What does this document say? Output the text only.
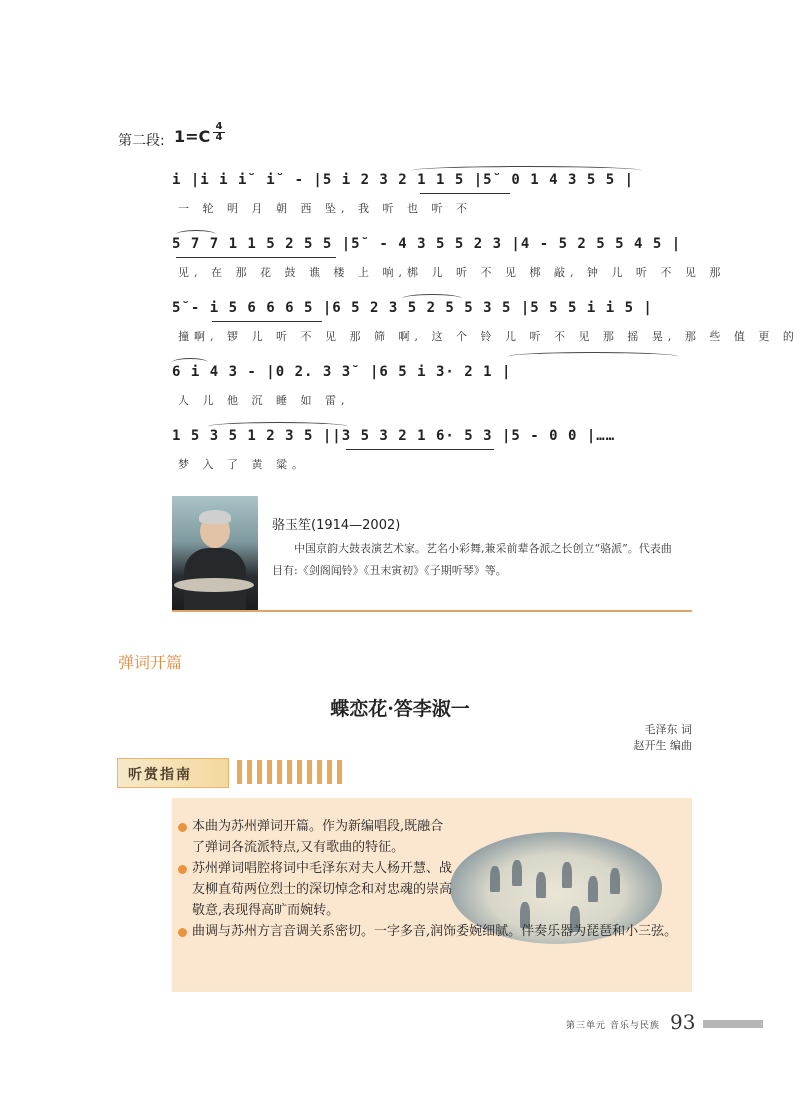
第二段: 1=C
4
4
i |i i i˘ i˘ - |5 i 2 3 2 1 1 5 |5˘ 0 1 4 3 5 5 |
一 轮 明 月 朝 西 坠, 我 听 也 听 不
5 7 7 1 1 5 2 5 5 |5˘ - 4 3 5 5 2 3 |4 - 5 2 5 5 4 5 |
见, 在 那 花 鼓 谯 楼 上 响,梆 儿 听 不 见 梆 敲, 钟 儿 听 不 见 那
5˘- i 5 6 6 6 5 |6 5 2 3 5 2 5 5 3 5 |5 5 5 i i 5 |
撞啊, 锣 儿 听 不 见 那 筛 啊, 这 个 铃 儿 听 不 见 那 摇 晃, 那 些 值 更 的
6 i 4 3 - |0 2. 3 3˘ |6 5 i 3· 2 1 |
人 儿 他 沉 睡 如 雷,
1 5 3 5 1 2 3 5 ||3 5 3 2 1 6· 5 3 |5 - 0 0 |……
梦 入 了 黄 粱。
骆玉笙(1914—2002)
中国京韵大鼓表演艺术家。艺名小彩舞,兼采前辈各派之长创立“骆派”。代表曲目有:《剑阁闻铃》《丑末寅初》《子期听琴》等。
弹词开篇
蝶恋花·答李淑一
毛泽东 词
赵开生 编曲
听赏指南
本曲为苏州弹词开篇。作为新编唱段,既融合了弹词各流派特点,又有歌曲的特征。
苏州弹词唱腔将词中毛泽东对夫人杨开慧、战友柳直荀两位烈士的深切悼念和对忠魂的崇高敬意,表现得高旷而婉转。
曲调与苏州方言音调关系密切。一字多音,润饰委婉细腻。伴奏乐器为琵琶和小三弦。
第三单元 音乐与民族 93
